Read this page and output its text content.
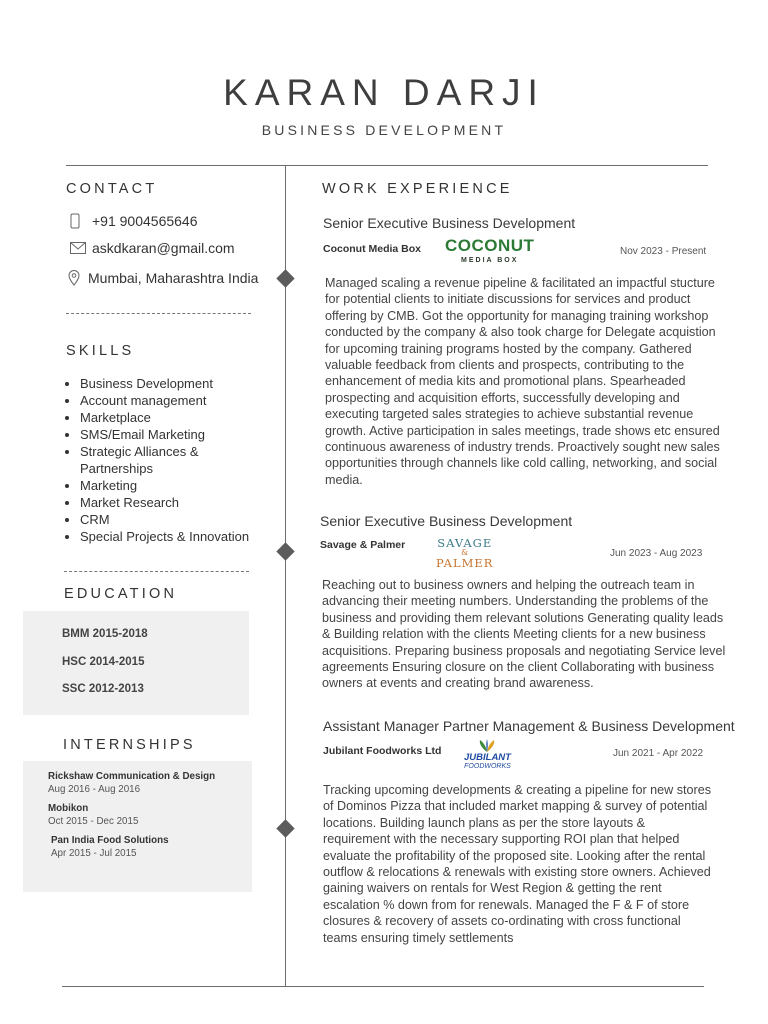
KARAN DARJI
BUSINESS DEVELOPMENT
CONTACT
+91 9004565646
askdkaran@gmail.com
Mumbai, Maharashtra India
SKILLS
• Business Development
• Account management
• Marketplace
• SMS/Email Marketing
• Strategic Alliances & Partnerships
• Marketing
• Market Research
• CRM
• Special Projects & Innovation
EDUCATION
BMM 2015-2018
HSC 2014-2015
SSC 2012-2013
INTERNSHIPS
Rickshaw Communication & Design
Aug 2016 - Aug 2016
Mobikon
Oct 2015 - Dec 2015
Pan India Food Solutions
Apr 2015 - Jul 2015
WORK EXPERIENCE
Senior Executive Business Development
Coconut Media Box COCONUT
MEDIA BOX
Nov 2023 - Present
Managed scaling a revenue pipeline & facilitated an impactful stucture for potential clients to initiate discussions for services and product offering by CMB. Got the opportunity for managing training workshop conducted by the company & also took charge for Delegate acquistion for upcoming training programs hosted by the company. Gathered valuable feedback from clients and prospects, contributing to the enhancement of media kits and promotional plans. Spearheaded prospecting and acquisition efforts, successfully developing and executing targeted sales strategies to achieve substantial revenue growth. Active participation in sales meetings, trade shows etc ensured continuous awareness of industry trends. Proactively sought new sales opportunities through channels like cold calling, networking, and social media.
Senior Executive Business Development
Savage & Palmer	SAVAGE
&
PALMER
Jun 2023 - Aug 2023
Reaching out to business owners and helping the outreach team in advancing their meeting numbers. Understanding the problems of the business and providing them relevant solutions Generating quality leads & Building relation with the clients Meeting clients for a new business acquisitions. Preparing business proposals and negotiating Service level agreements Ensuring closure on the client Collaborating with business owners at events and creating brand awareness.
Assistant Manager Partner Management & Business Development
Jubilant Foodworks Ltd
JUBILANT
FOODWORKS
Jun 2021 - Apr 2022
Tracking upcoming developments & creating a pipeline for new stores of Dominos Pizza that included market mapping & survey of potential locations. Building launch plans as per the store layouts & requirement with the necessary supporting ROI plan that helped evaluate the profitability of the proposed site. Looking after the rental outflow & relocations & renewals with existing store owners. Achieved gaining waivers on rentals for West Region & getting the rent escalation % down from for renewals. Managed the F & F of store closures & recovery of assets co-ordinating with cross functional teams ensuring timely settlements
